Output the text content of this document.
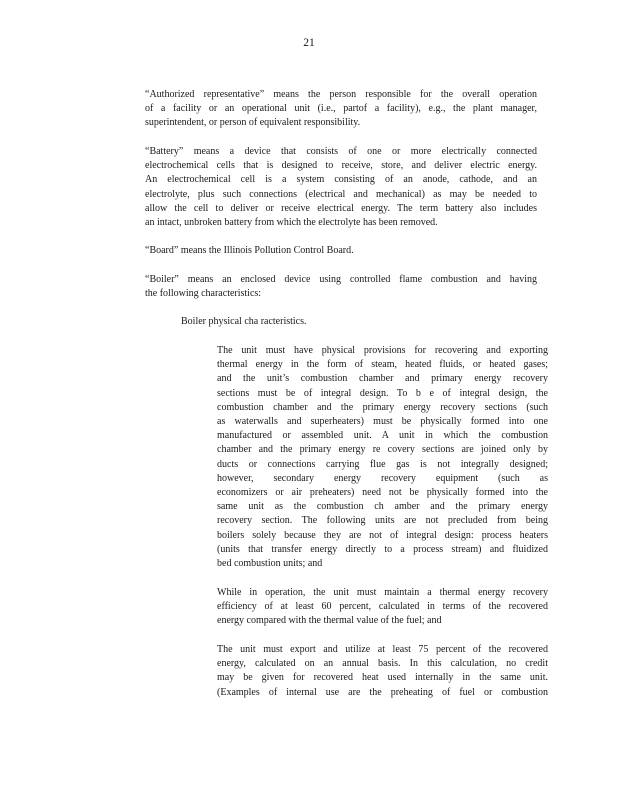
21

“Authorized representative” means the person responsible for the overall operation
of a facility or an operational unit (i.e., partof a facility), e.g., the plant manager,
superintendent, or person of equivalent responsibility.

“Battery” means a device that consists of one or more electrically connected
electrochemical cells that is designed to receive, store, and deliver electric energy.
An electrochemical cell is a system consisting of an anode, cathode, and an
electrolyte, plus such connections (electrical and mechanical) as may be needed to
allow the cell to deliver or receive electrical energy. The term battery also includes
an intact, unbroken battery from which the electrolyte has been removed.

“Board” means the Illinois Pollution Control Board.

“Boiler” means an enclosed device using controlled flame combustion and having
the following characteristics:

Boiler physical cha racteristics.

The unit must have physical provisions for recovering and exporting
thermal energy in the form of steam, heated fluids, or heated gases;
and the unit’s combustion chamber and primary energy recovery
sections must be of integral design. To b e of integral design, the
combustion chamber and the primary energy recovery sections (such
as waterwalls and superheaters) must be physically formed into one
manufactured or assembled unit. A unit in which the combustion
chamber and the primary energy re covery sections are joined only by
ducts or connections carrying flue gas is not integrally designed;
however, secondary energy recovery equipment (such as
economizers or air preheaters) need not be physically formed into the
same unit as the combustion ch amber and the primary energy
recovery section. The following units are not precluded from being
boilers solely because they are not of integral design: process heaters
(units that transfer energy directly to a process stream) and fluidized
bed combustion units; and

While in operation, the unit must maintain a thermal energy recovery
efficiency of at least 60 percent, calculated in terms of the recovered
energy compared with the thermal value of the fuel; and

The unit must export and utilize at least 75 percent of the recovered
energy, calculated on an annual basis. In this calculation, no credit
may be given for recovered heat used internally in the same unit.
(Examples of internal use are the preheating of fuel or combustion
